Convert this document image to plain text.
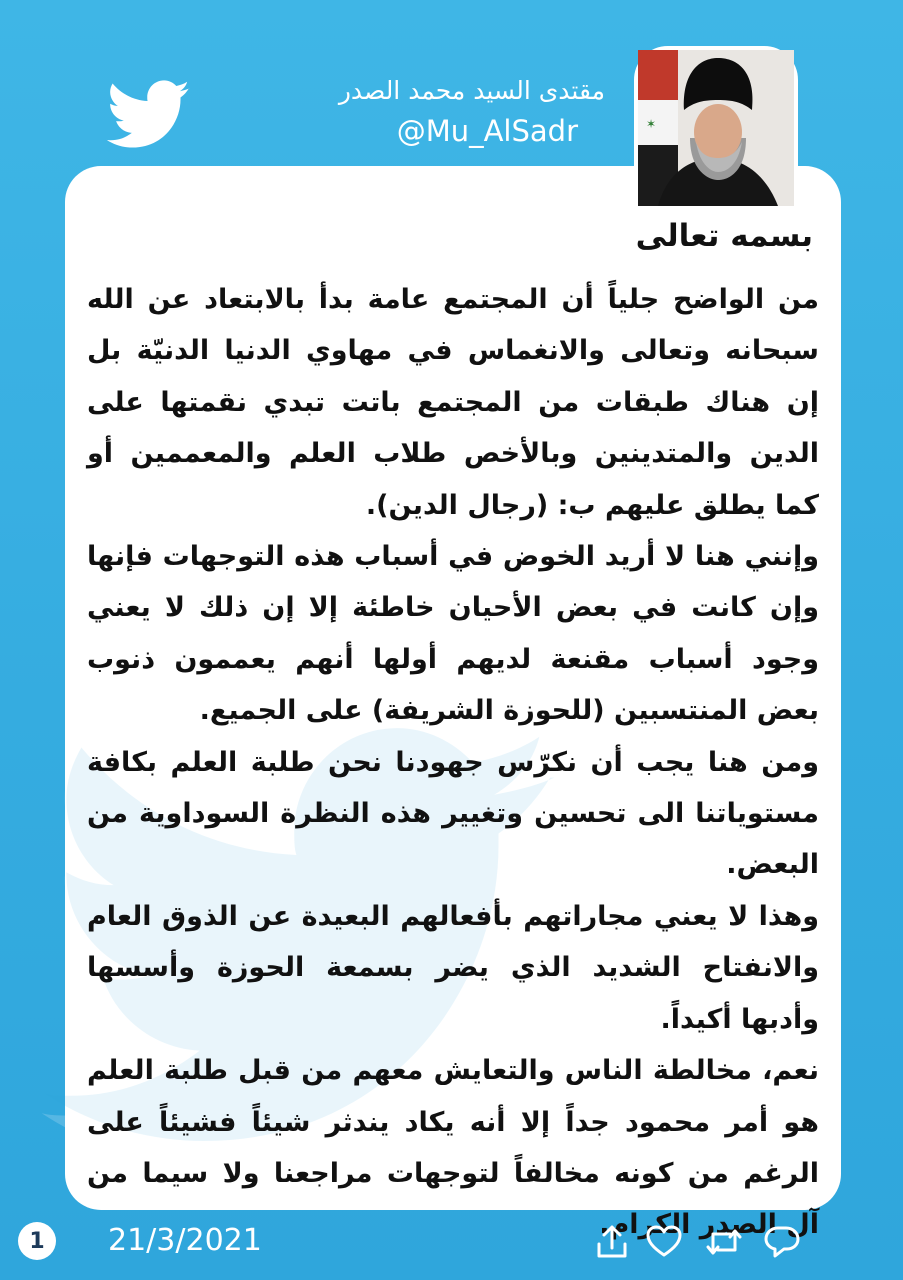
مقتدى السيد محمد الصدر
@Mu_AlSadr	✶
بسمه تعالى

من الواضح جلياً أن المجتمع عامة بدأ بالابتعاد عن الله سبحانه وتعالى والانغماس في مهاوي الدنيا الدنيّة بل إن هناك طبقات من المجتمع باتت تبدي نقمتها على الدين والمتدينين وبالأخص طلاب العلم والمعممين أو كما يطلق عليهم ب: (رجال الدين).

وإنني هنا لا أريد الخوض في أسباب هذه التوجهات فإنها وإن كانت في بعض الأحيان خاطئة إلا إن ذلك لا يعني وجود أسباب مقنعة لديهم أولها أنهم يعممون ذنوب بعض المنتسبين (للحوزة الشريفة) على الجميع.

ومن هنا يجب أن نكرّس جهودنا نحن طلبة العلم بكافة مستوياتنا الى تحسين وتغيير هذه النظرة السوداوية من البعض.

وهذا لا يعني مجاراتهم بأفعالهم البعيدة عن الذوق العام والانفتاح الشديد الذي يضر بسمعة الحوزة وأسسها وأدبها أكيداً.

نعم، مخالطة الناس والتعايش معهم من قبل طلبة العلم هو أمر محمود جداً إلا أنه يكاد يندثر شيئاً فشيئاً على الرغم من كونه مخالفاً لتوجهات مراجعنا ولا سيما من آل الصدر الكرام.

1	21/3/2021
